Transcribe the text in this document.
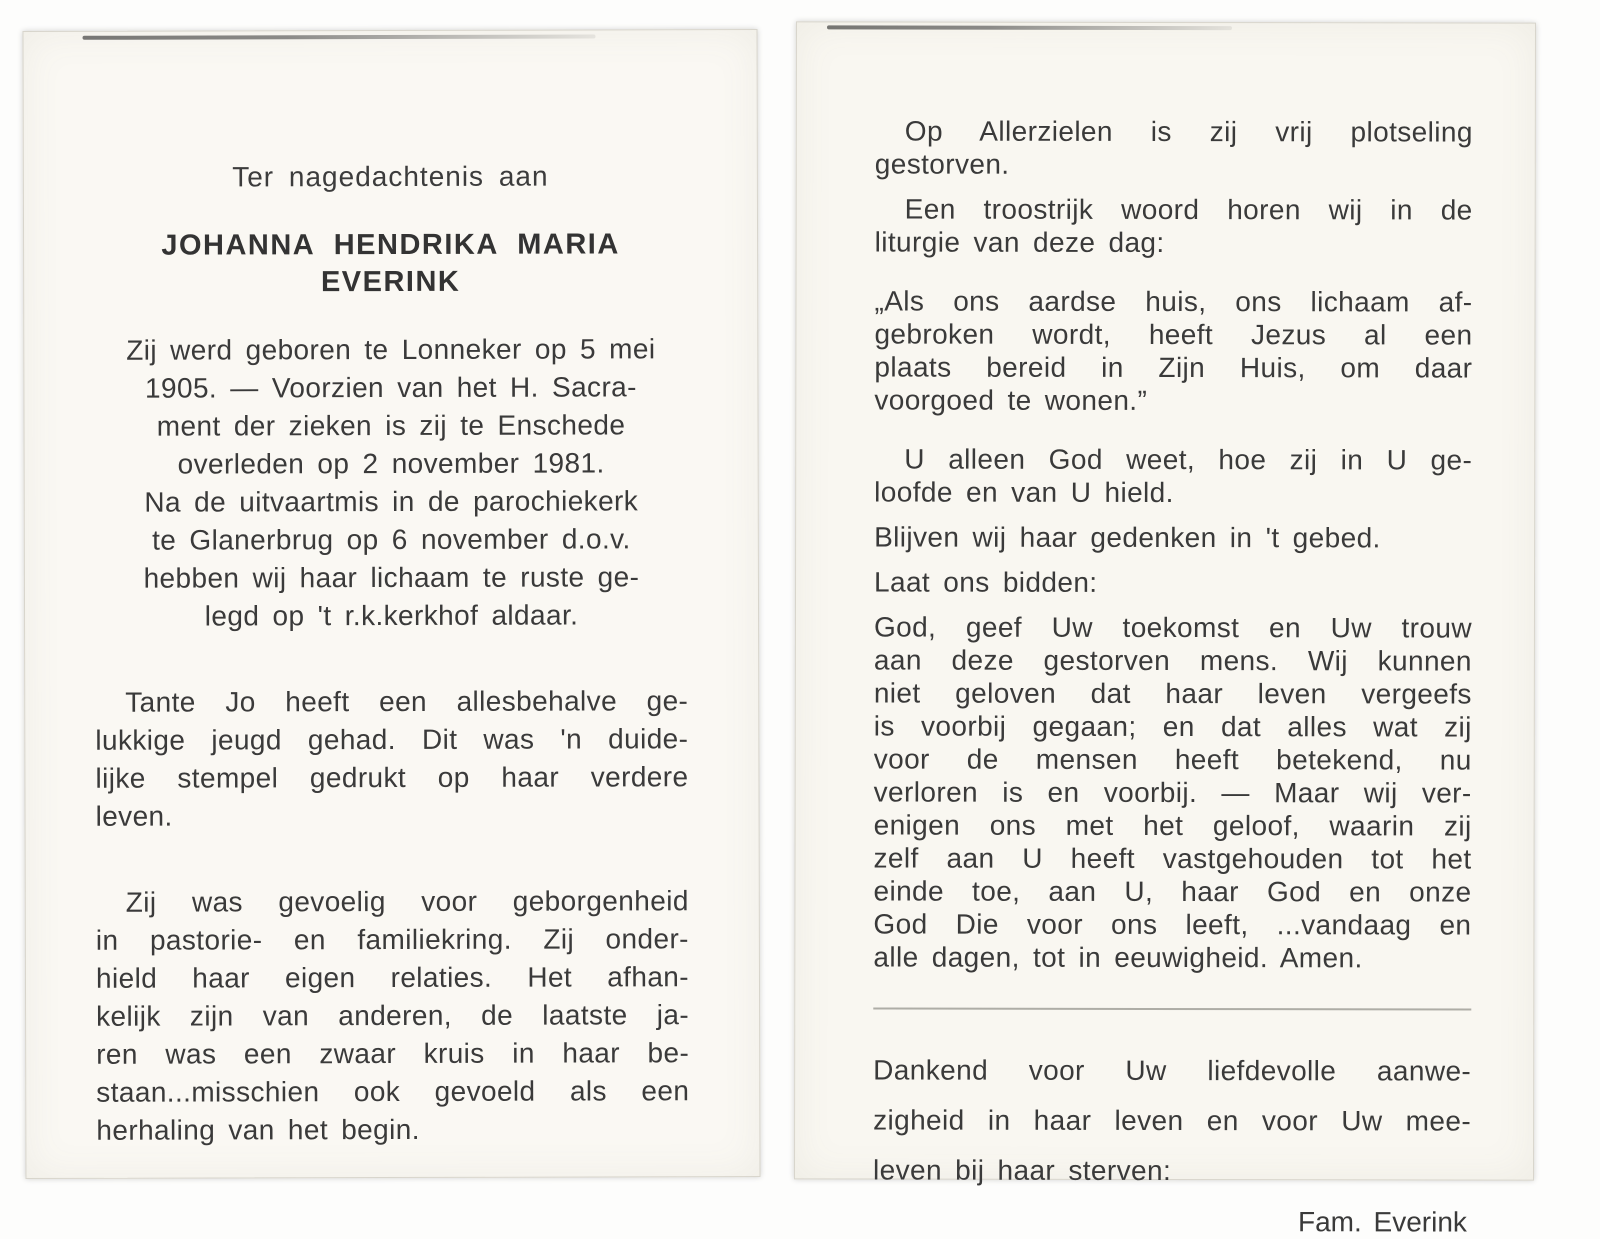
Ter nagedachtenis aan

JOHANNA HENDRIKA MARIA
EVERINK
Zij werd geboren te Lonneker op 5 mei
1905. — Voorzien van het H. Sacra-
ment der zieken is zij te Enschede
overleden op 2 november 1981.
Na de uitvaartmis in de parochiekerk
te Glanerbrug op 6 november d.o.v.
hebben wij haar lichaam te ruste ge-
legd op 't r.k.kerkhof aldaar.
Tante Jo heeft een allesbehalve ge-
lukkige jeugd gehad. Dit was 'n duide-
lijke stempel gedrukt op haar verdere
leven.
Zij was gevoelig voor geborgenheid
in pastorie- en familiekring. Zij onder-
hield haar eigen relaties. Het afhan-
kelijk zijn van anderen, de laatste ja-
ren was een zwaar kruis in haar be-
staan...misschien ook gevoeld als een
herhaling van het begin.
Op Allerzielen is zij vrij plotseling
gestorven.
Een troostrijk woord horen wij in de
liturgie van deze dag:
„Als ons aardse huis, ons lichaam af-
gebroken wordt, heeft Jezus al een
plaats bereid in Zijn Huis, om daar
voorgoed te wonen.”
U alleen God weet, hoe zij in U ge-
loofde en van U hield.
Blijven wij haar gedenken in 't gebed.
Laat ons bidden:
God, geef Uw toekomst en Uw trouw
aan deze gestorven mens. Wij kunnen
niet geloven dat haar leven vergeefs
is voorbij gegaan; en dat alles wat zij
voor de mensen heeft betekend, nu
verloren is en voorbij. — Maar wij ver-
enigen ons met het geloof, waarin zij
zelf aan U heeft vastgehouden tot het
einde toe, aan U, haar God en onze
God Die voor ons leeft, ...vandaag en
alle dagen, tot in eeuwigheid. Amen.
Dankend voor Uw liefdevolle aanwe-
zigheid in haar leven en voor Uw mee-
leven bij haar sterven:

Fam. Everink
